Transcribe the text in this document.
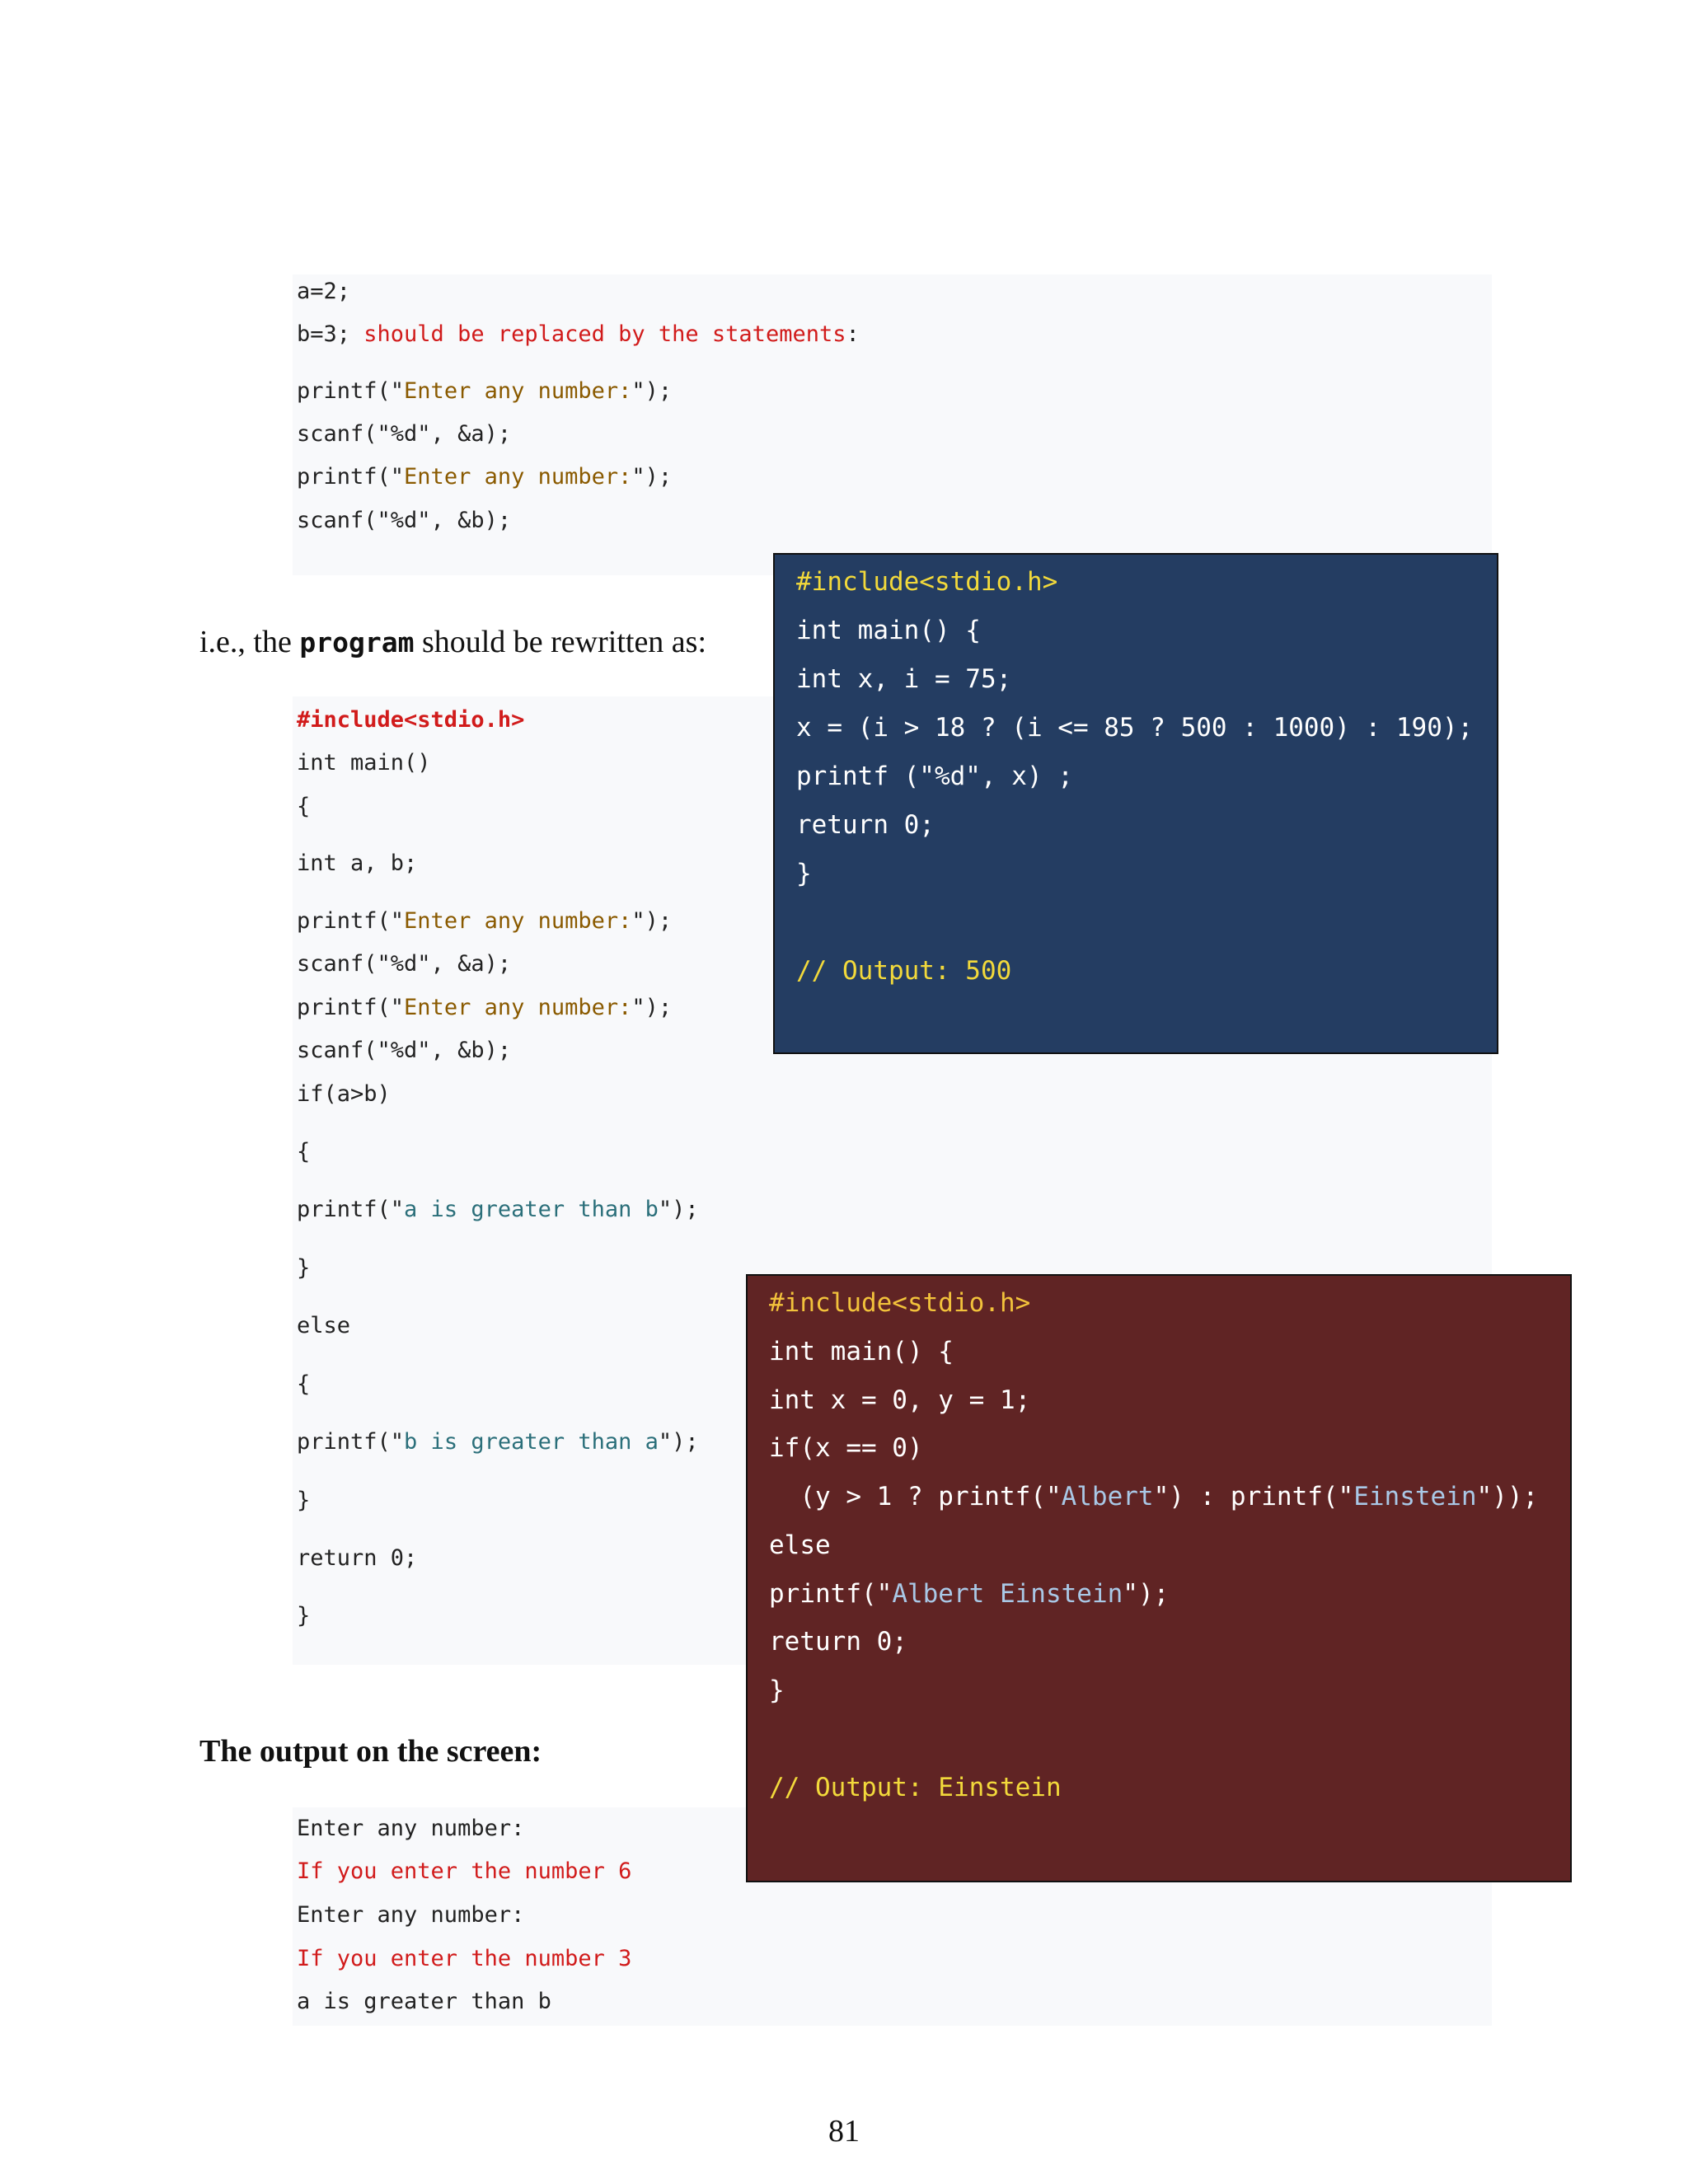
a=2;
b=3; should be replaced by the statements:
printf("Enter any number:");
scanf("%d", &a);
printf("Enter any number:");
scanf("%d", &b);
i.e., the program should be rewritten as:
#include<stdio.h>
int main()
{
int a, b;
printf("Enter any number:");
scanf("%d", &a);
printf("Enter any number:");
scanf("%d", &b);
if(a>b)
{
printf("a is greater than b");
}
else
{
printf("b is greater than a");
}
return 0;
}
The output on the screen:
Enter any number:
If you enter the number 6
Enter any number:
If you enter the number 3
a is greater than b
#include<stdio.h>
int main() {
int x, i = 75;
x = (i > 18 ? (i <= 85 ? 500 : 1000) : 190);
printf ("%d", x) ;
return 0;
}
// Output: 500
#include<stdio.h>
int main() {
int x = 0, y = 1;
if(x == 0)
(y > 1 ? printf("Albert") : printf("Einstein"));
else
printf("Albert Einstein");
return 0;
}
// Output: Einstein
81
